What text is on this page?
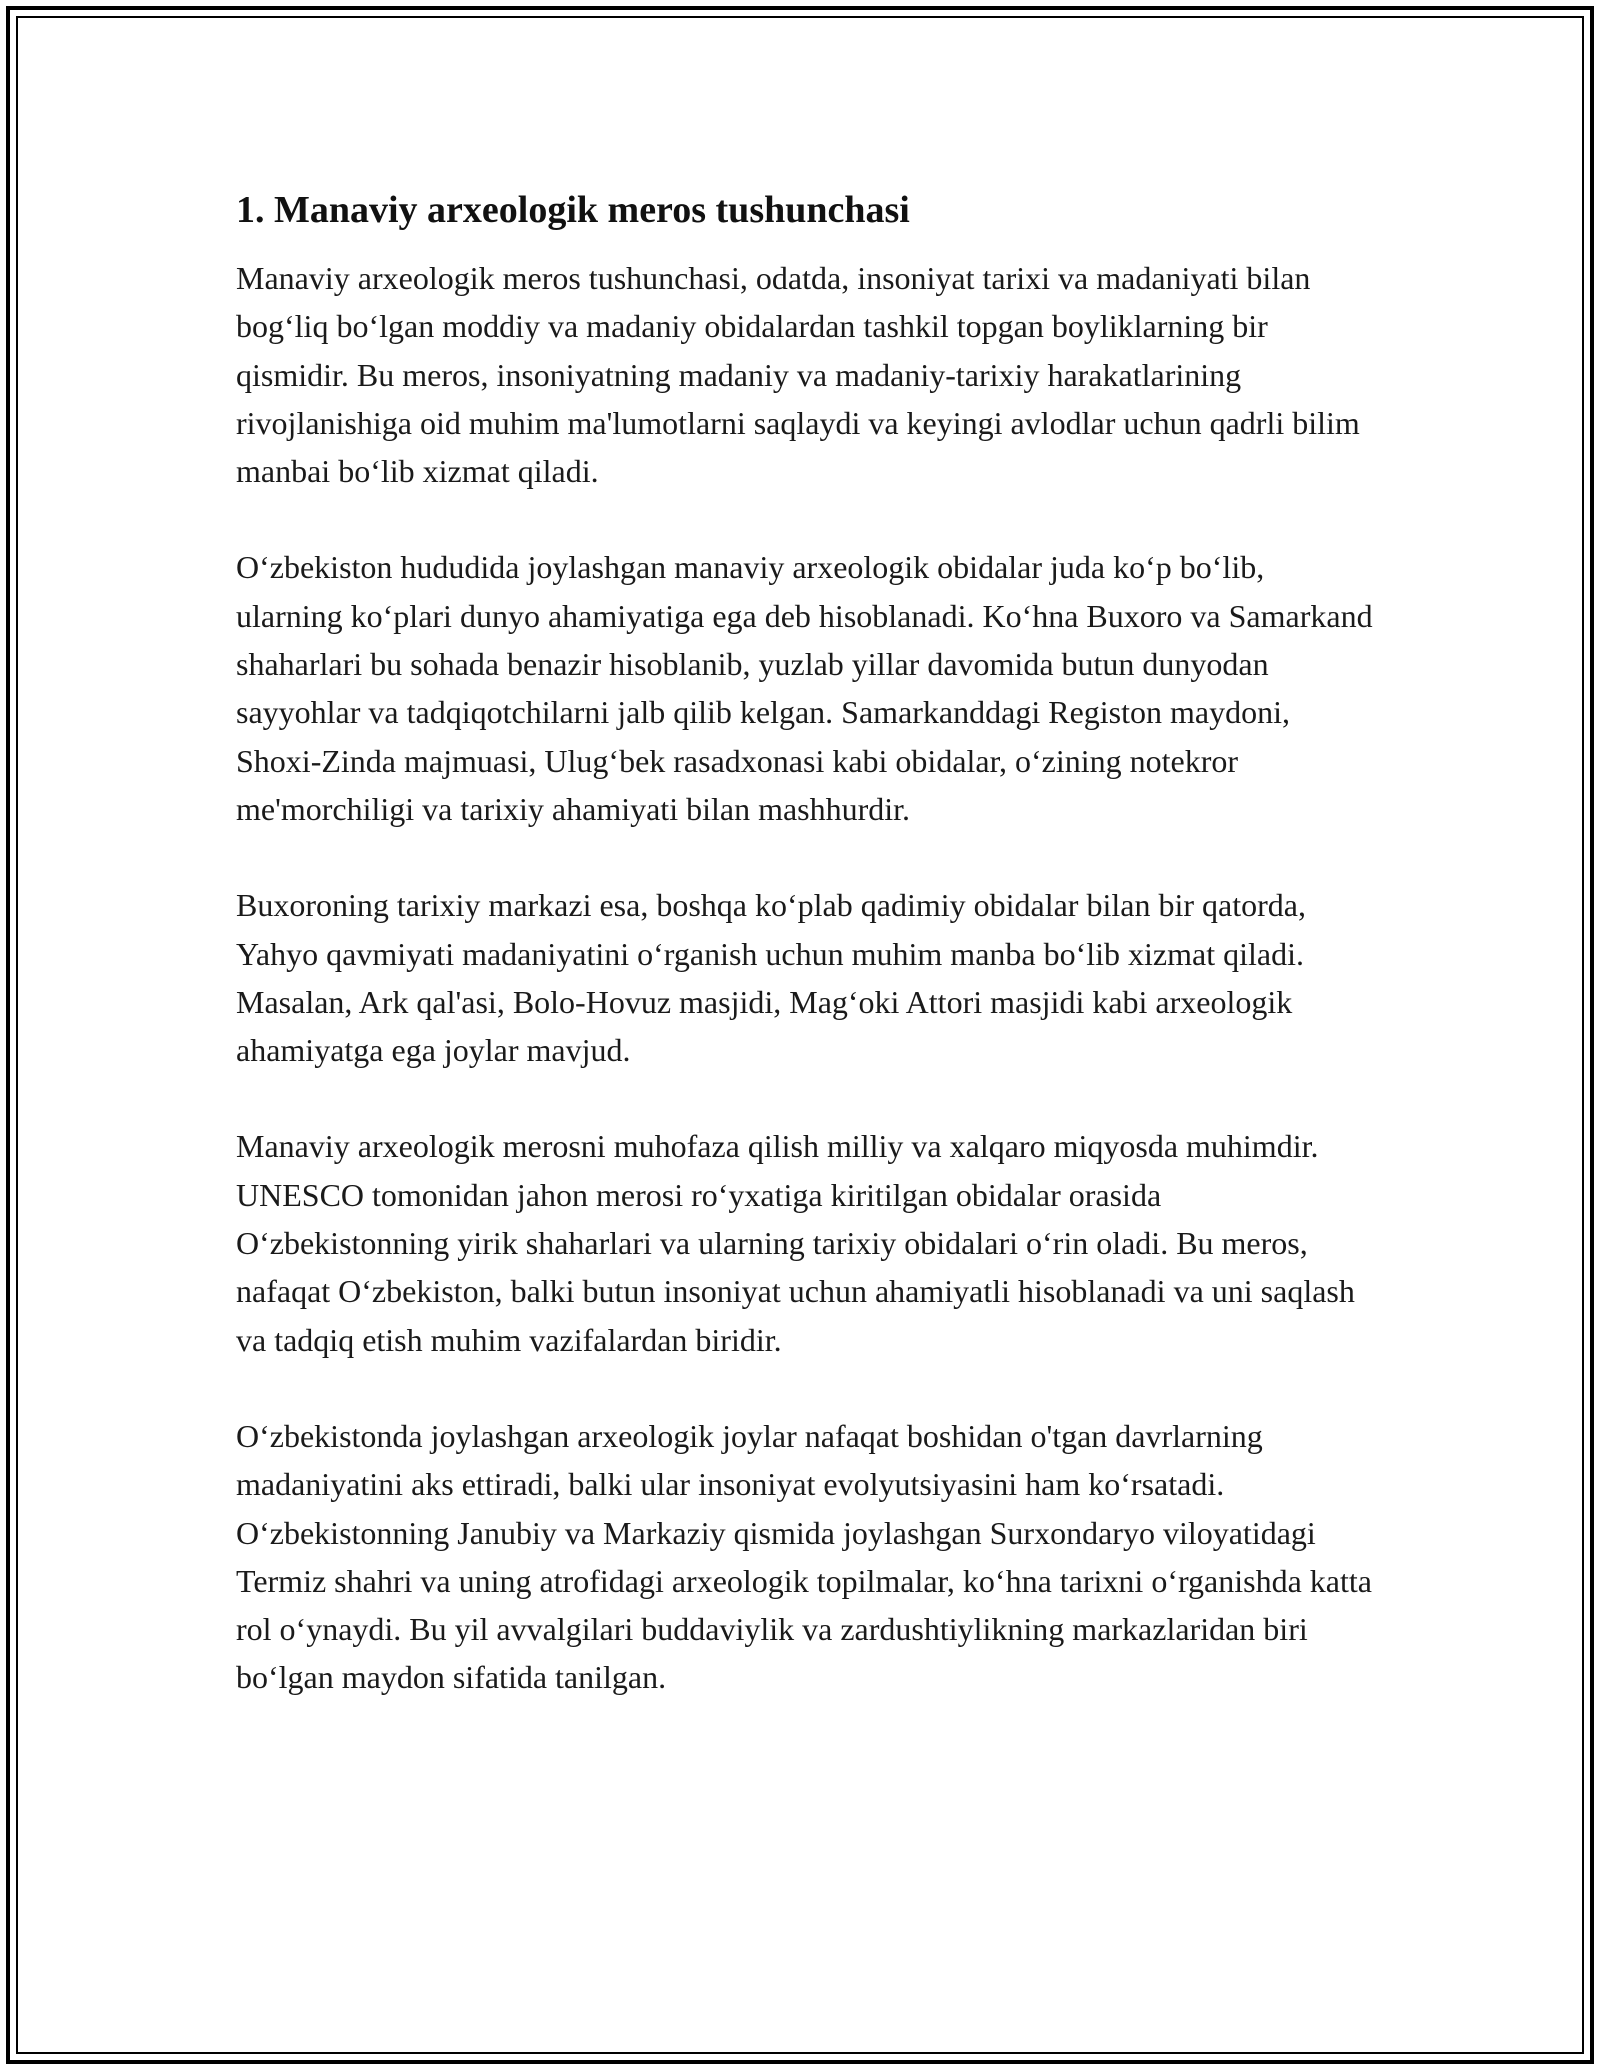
1. Manaviy arxeologik meros tushunchasi

Manaviy arxeologik meros tushunchasi, odatda, insoniyat tarixi va madaniyati bilan bogʻliq boʻlgan moddiy va madaniy obidalardan tashkil topgan boyliklarning bir qismidir. Bu meros, insoniyatning madaniy va madaniy-tarixiy harakatlarining rivojlanishiga oid muhim ma'lumotlarni saqlaydi va keyingi avlodlar uchun qadrli bilim manbai boʻlib xizmat qiladi.

Oʻzbekiston hududida joylashgan manaviy arxeologik obidalar juda koʻp boʻlib, ularning koʻplari dunyo ahamiyatiga ega deb hisoblanadi. Koʻhna Buxoro va Samarkand shaharlari bu sohada benazir hisoblanib, yuzlab yillar davomida butun dunyodan sayyohlar va tadqiqotchilarni jalb qilib kelgan. Samarkanddagi Registon maydoni, Shoxi-Zinda majmuasi, Ulugʻbek rasadxonasi kabi obidalar, oʻzining notekror me'morchiligi va tarixiy ahamiyati bilan mashhurdir.

Buxoroning tarixiy markazi esa, boshqa koʻplab qadimiy obidalar bilan bir qatorda, Yahyo qavmiyati madaniyatini oʻrganish uchun muhim manba boʻlib xizmat qiladi. Masalan, Ark qal'asi, Bolo-Hovuz masjidi, Magʻoki Attori masjidi kabi arxeologik ahamiyatga ega joylar mavjud.

Manaviy arxeologik merosni muhofaza qilish milliy va xalqaro miqyosda muhimdir. UNESCO tomonidan jahon merosi roʻyxatiga kiritilgan obidalar orasida Oʻzbekistonning yirik shaharlari va ularning tarixiy obidalari oʻrin oladi. Bu meros, nafaqat Oʻzbekiston, balki butun insoniyat uchun ahamiyatli hisoblanadi va uni saqlash va tadqiq etish muhim vazifalardan biridir.

Oʻzbekistonda joylashgan arxeologik joylar nafaqat boshidan o'tgan davrlarning madaniyatini aks ettiradi, balki ular insoniyat evolyutsiyasini ham koʻrsatadi. Oʻzbekistonning Janubiy va Markaziy qismida joylashgan Surxondaryo viloyatidagi Termiz shahri va uning atrofidagi arxeologik topilmalar, koʻhna tarixni oʻrganishda katta rol oʻynaydi. Bu yil avvalgilari buddaviylik va zardushtiylikning markazlaridan biri boʻlgan maydon sifatida tanilgan.
